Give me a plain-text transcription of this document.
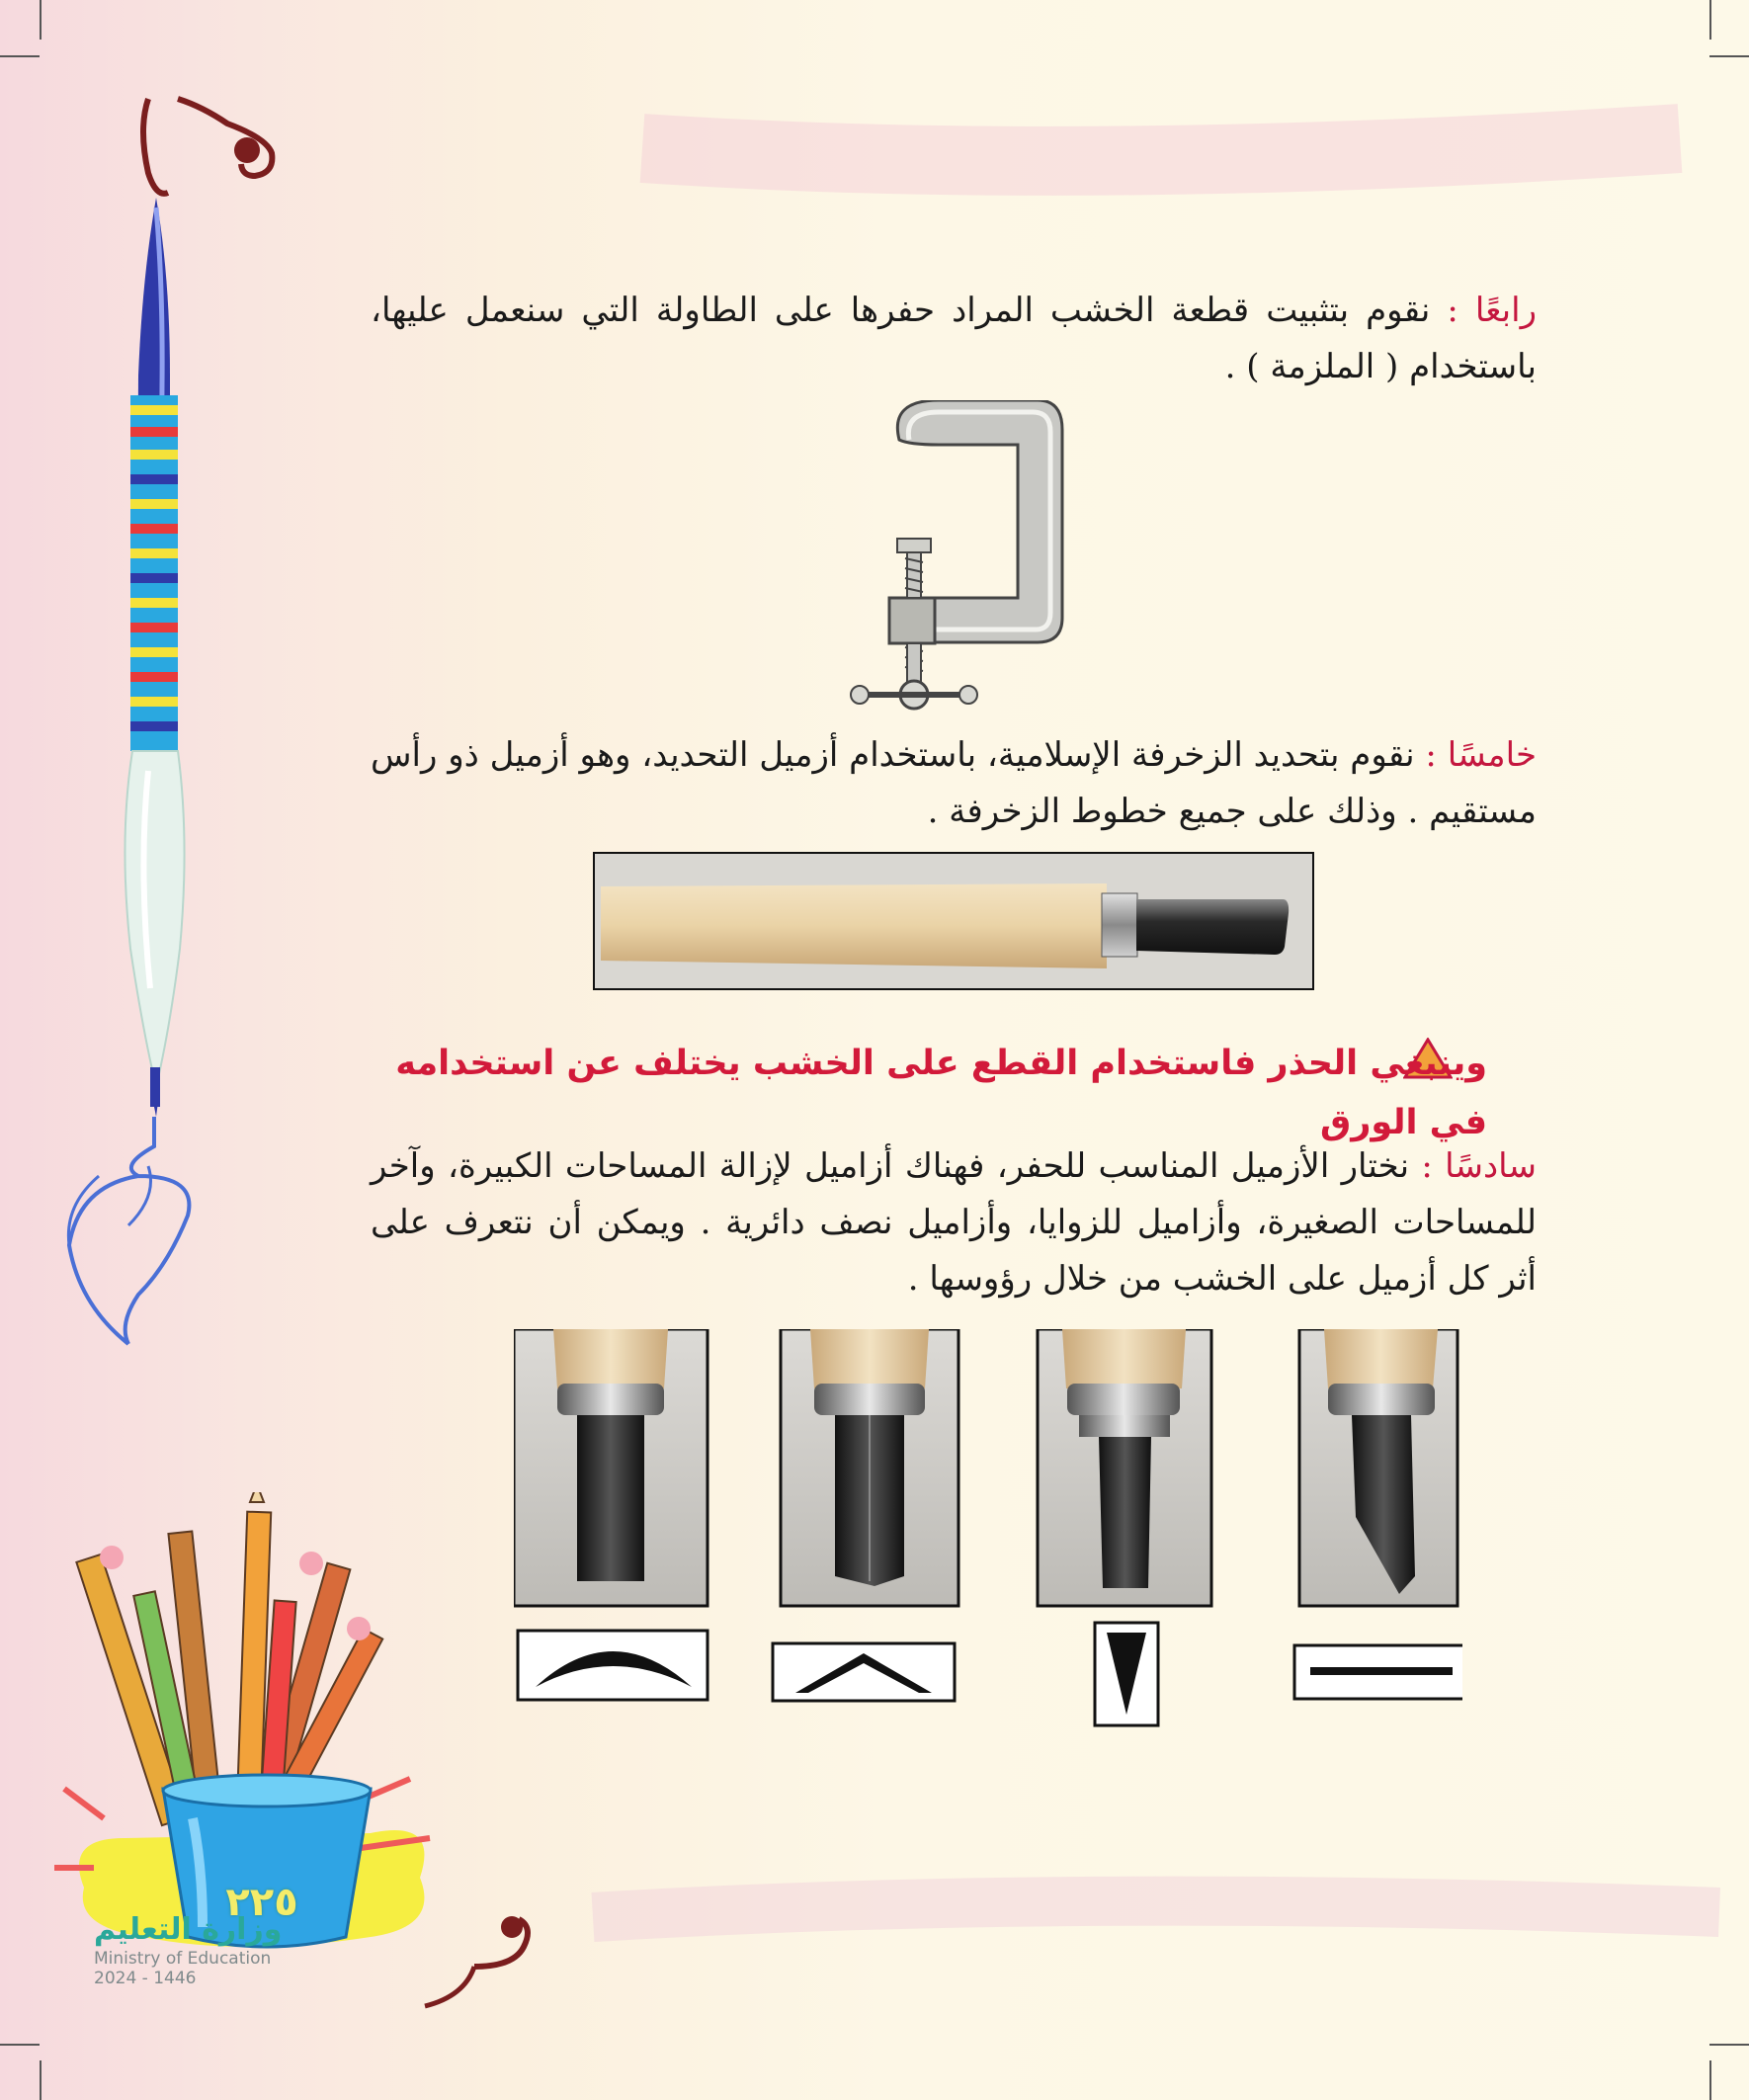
رابعًا : نقوم بتثبيت قطعة الخشب المراد حفرها على الطاولة التي سنعمل عليها، باستخدام ( الملزمة ) .

خامسًا : نقوم بتحديد الزخرفة الإسلامية، باستخدام أزميل التحديد، وهو أزميل ذو رأس مستقيم . وذلك على جميع خطوط الزخرفة .

وينبغي الحذر فاستخدام القطع على الخشب يختلف عن استخدامه في الورق

سادسًا : نختار الأزميل المناسب للحفر، فهناك أزاميل لإزالة المساحات الكبيرة، وآخر للمساحات الصغيرة، وأزاميل للزوايا، وأزاميل نصف دائرية . ويمكن أن نتعرف على أثر كل أزميل على الخشب من خلال رؤوسها .

٢٢٥
وزارة التعليم
Ministry of Education
2024 - 1446
